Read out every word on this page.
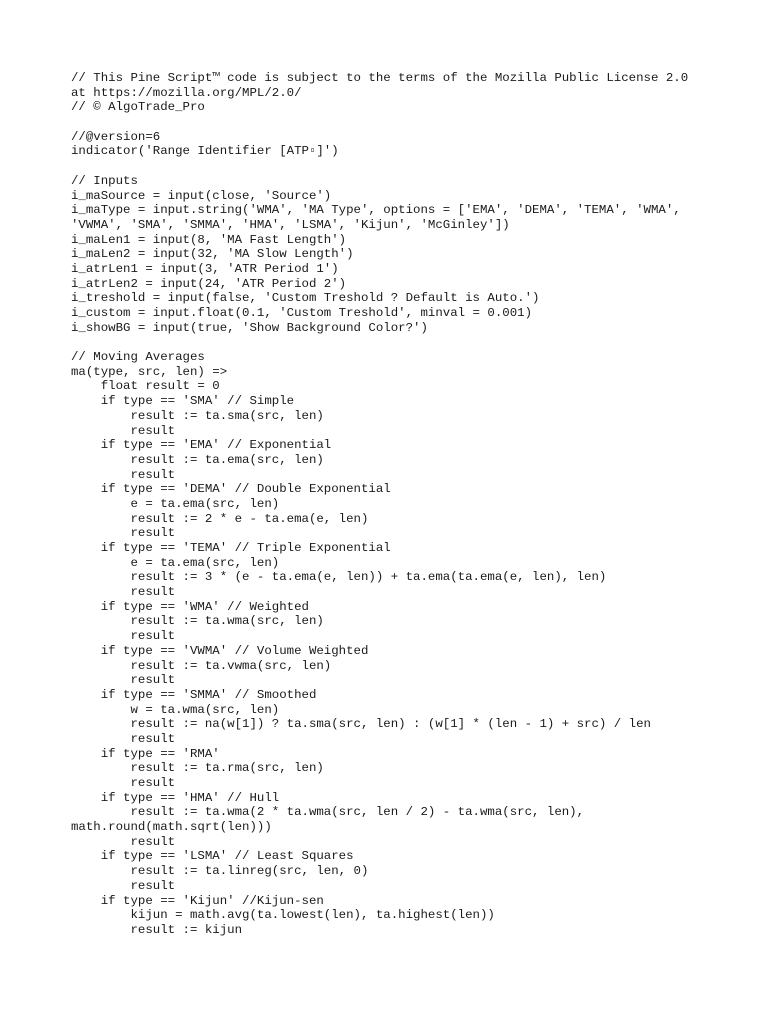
// This Pine Script™ code is subject to the terms of the Mozilla Public License 2.0
at https://mozilla.org/MPL/2.0/
// © AlgoTrade_Pro
//@version=6
indicator('Range Identifier [ATP▫]')
// Inputs
i_maSource = input(close, 'Source')
i_maType = input.string('WMA', 'MA Type', options = ['EMA', 'DEMA', 'TEMA', 'WMA',
'VWMA', 'SMA', 'SMMA', 'HMA', 'LSMA', 'Kijun', 'McGinley'])
i_maLen1 = input(8, 'MA Fast Length')
i_maLen2 = input(32, 'MA Slow Length')
i_atrLen1 = input(3, 'ATR Period 1')
i_atrLen2 = input(24, 'ATR Period 2')
i_treshold = input(false, 'Custom Treshold ? Default is Auto.')
i_custom = input.float(0.1, 'Custom Treshold', minval = 0.001)
i_showBG = input(true, 'Show Background Color?')
// Moving Averages
ma(type, src, len) =>
float result = 0
if type == 'SMA' // Simple
result := ta.sma(src, len)
result
if type == 'EMA' // Exponential
result := ta.ema(src, len)
result
if type == 'DEMA' // Double Exponential
e = ta.ema(src, len)
result := 2 * e - ta.ema(e, len)
result
if type == 'TEMA' // Triple Exponential
e = ta.ema(src, len)
result := 3 * (e - ta.ema(e, len)) + ta.ema(ta.ema(e, len), len)
result
if type == 'WMA' // Weighted
result := ta.wma(src, len)
result
if type == 'VWMA' // Volume Weighted
result := ta.vwma(src, len)
result
if type == 'SMMA' // Smoothed
w = ta.wma(src, len)
result := na(w[1]) ? ta.sma(src, len) : (w[1] * (len - 1) + src) / len
result
if type == 'RMA'
result := ta.rma(src, len)
result
if type == 'HMA' // Hull
result := ta.wma(2 * ta.wma(src, len / 2) - ta.wma(src, len),
math.round(math.sqrt(len)))
result
if type == 'LSMA' // Least Squares
result := ta.linreg(src, len, 0)
result
if type == 'Kijun' //Kijun-sen
kijun = math.avg(ta.lowest(len), ta.highest(len))
result := kijun
